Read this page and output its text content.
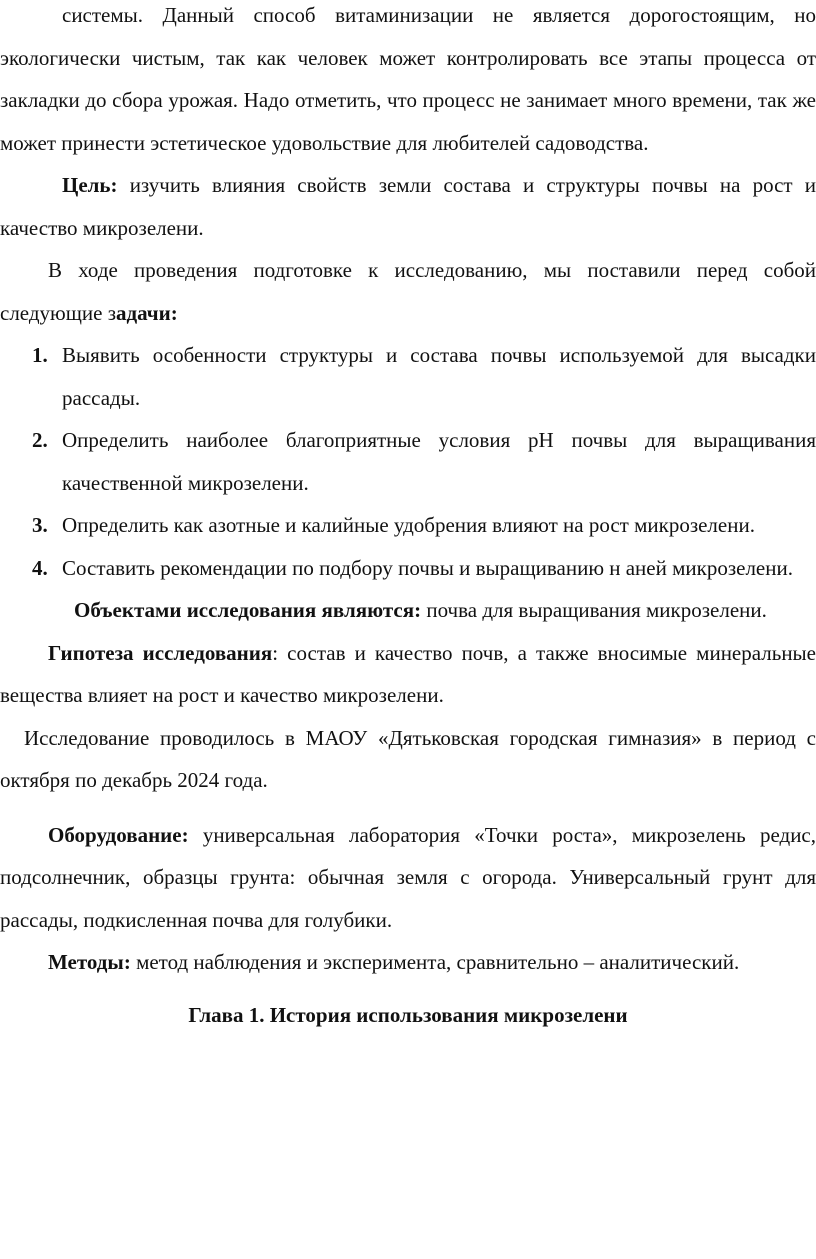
системы. Данный способ витаминизации не является дорогостоящим, но экологически чистым, так как человек может контролировать все этапы процесса от закладки до сбора урожая. Надо отметить, что процесс не занимает много времени, так же может принести эстетическое удовольствие для любителей садоводства.

Цель: изучить влияния свойств земли состава и структуры почвы на рост и качество микрозелени.

В ходе проведения подготовке к исследованию, мы поставили перед собой следующие задачи:

1. Выявить особенности структуры и состава почвы используемой для высадки рассады.
2. Определить наиболее благоприятные условия pH почвы для выращивания качественной микрозелени.
3. Определить как азотные и калийные удобрения влияют на рост микрозелени.
4. Составить рекомендации по подбору почвы и выращиванию н аней микрозелени.

Объектами исследования являются: почва для выращивания микрозелени.

Гипотеза исследования: состав и качество почв, а также вносимые минеральные вещества влияет на рост и качество микрозелени.

Исследование проводилось в МАОУ «Дятьковская городская гимназия» в период с октября по декабрь 2024 года.

Оборудование: универсальная лаборатория «Точки роста», микрозелень редис, подсолнечник, образцы грунта: обычная земля с огорода. Универсальный грунт для рассады, подкисленная почва для голубики.

Методы: метод наблюдения и эксперимента, сравнительно – аналитический.

Глава 1. История использования микрозелени
